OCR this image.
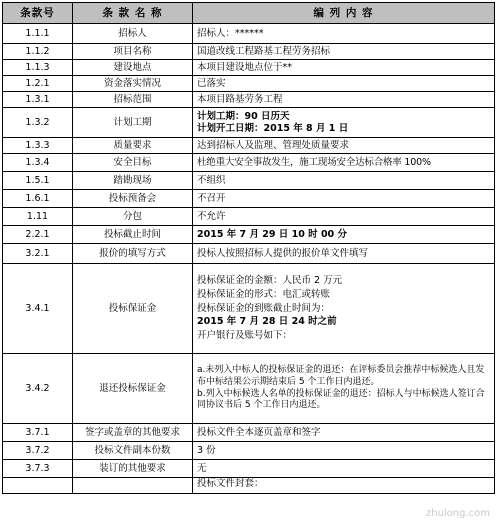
条款号	条 款 名 称	编 列 内 容
1.1.1	招标人	招标人：******

1.1.2	项目名称	国道改线工程路基工程劳务招标

1.1.3	建设地点	本项目建设地点位于**

1.2.1	资金落实情况	已落实

1.3.1	招标范围	本项目路基劳务工程

1.3.2	计划工期	计划工期：90 日历天
计划开工日期：2015 年 8 月 1 日

1.3.3	质量要求	达到招标人及监理、管理处质量要求

1.3.4	安全目标	杜绝重大安全事故发生，施工现场安全达标合格率 100%

1.5.1	踏勘现场	不组织

1.6.1	投标预备会	不召开

1.11	分包	不允许

2.2.1	投标截止时间	2015 年 7 月 29 日 10 时 00 分

3.2.1	报价的填写方式	投标人按照招标人提供的报价单文件填写

3.4.1	投标保证金	投标保证金的金额：人民币 2 万元
投标保证金的形式：电汇或转账
投标保证金的到账截止时间为：
2015 年 7 月 28 日 24 时之前
开户银行及账号如下：

3.4.2	退还投标保证金	a.未列入中标人的投标保证金的退还：在评标委员会推荐中标候选人且发布中标结果公示期结束后 5 个工作日内退还。
b.列入中标候选人名单的投标保证金的退还：招标人与中标候选人签订合同协议书后 5 个工作日内退还。

3.7.1	签字或盖章的其他要求	投标文件全本逐页盖章和签字

3.7.2	投标文件副本份数	3 份

3.7.3	装订的其他要求	无

		投标文件封套：
zhulong.com
